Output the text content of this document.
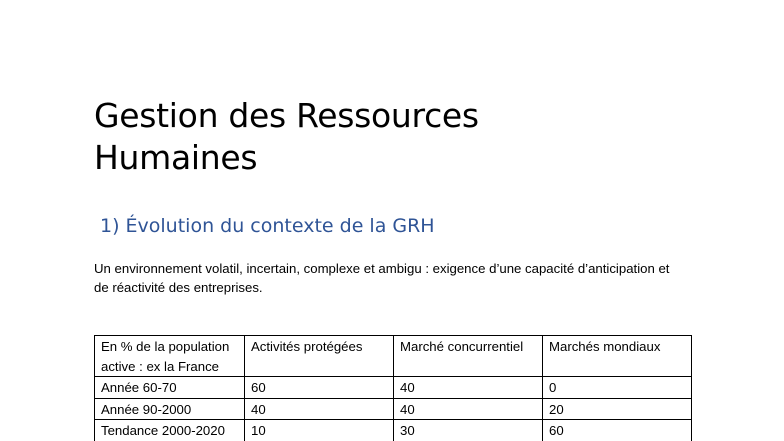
Gestion des Ressources
Humaines
1) Évolution du contexte de la GRH

Un environnement volatil, incertain, complexe et ambigu : exigence d’une capacité d’anticipation et de réactivité des entreprises.

En % de la population active : ex la France	Activités protégées	Marché concurrentiel	Marchés mondiaux
Année 60-70	60	40	0
Année 90-2000	40	40	20
Tendance 2000-2020	10	30	60
